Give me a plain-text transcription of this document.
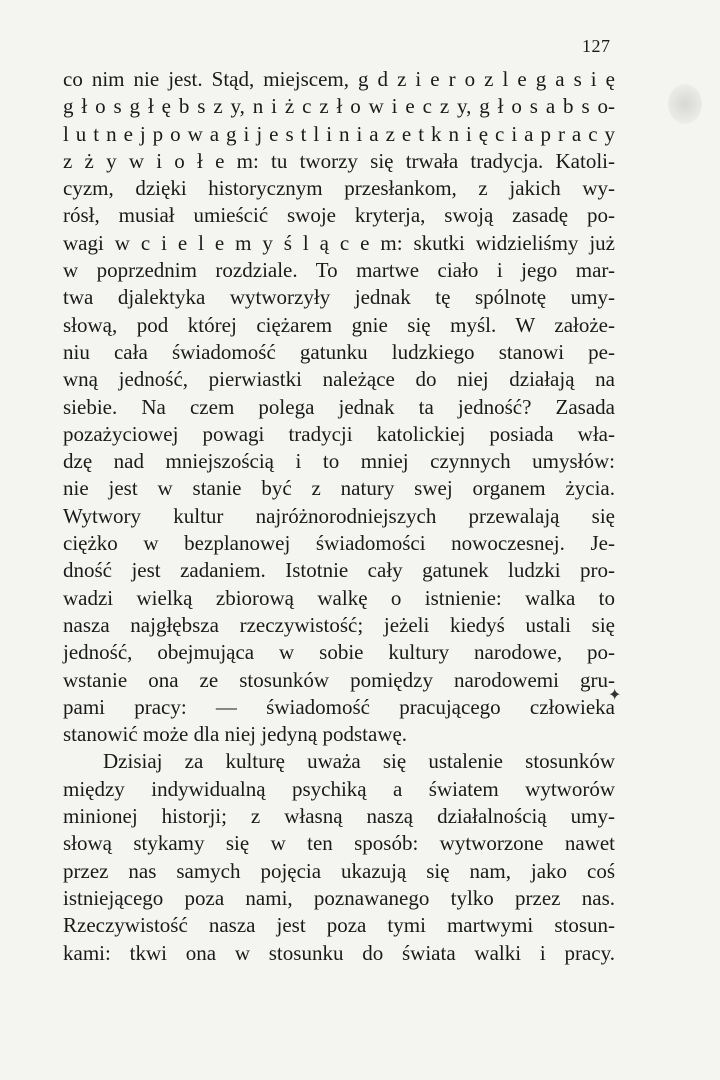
127
co nim nie jest. Stąd, miejscem, g d z i e r o z l e g a s i ę
g ł o s g ł ę b s z y, n i ż c z ł o w i e c z y, g ł o s a b s o-
l u t n e j p o w a g i j e s t l i n i a z e t k n i ę c i a p r a c y
z ż y w i o ł e m: tu tworzy się trwała tradycja. Katoli-
cyzm, dzięki historycznym przesłankom, z jakich wy-
rósł, musiał umieścić swoje kryterja, swoją zasadę po-
wagi w c i e l e m y ś l ą c e m: skutki widzieliśmy już
w poprzednim rozdziale. To martwe ciało i jego mar-
twa djalektyka wytworzyły jednak tę spólnotę umy-
słową, pod której ciężarem gnie się myśl. W założe-
niu cała świadomość gatunku ludzkiego stanowi pe-
wną jedność, pierwiastki należące do niej działają na
siebie. Na czem polega jednak ta jedność? Zasada
pozażyciowej powagi tradycji katolickiej posiada wła-
dzę nad mniejszością i to mniej czynnych umysłów:
nie jest w stanie być z natury swej organem życia.
Wytwory kultur najróżnorodniejszych przewalają się
ciężko w bezplanowej świadomości nowoczesnej. Je-
dność jest zadaniem. Istotnie cały gatunek ludzki pro-
wadzi wielką zbiorową walkę o istnienie: walka to
nasza najgłębsza rzeczywistość; jeżeli kiedyś ustali się
jedność, obejmująca w sobie kultury narodowe, po-
wstanie ona ze stosunków pomiędzy narodowemi gru-
pami pracy: — świadomość pracującego człowieka
stanowić może dla niej jedyną podstawę.
Dzisiaj za kulturę uważa się ustalenie stosunków
między indywidualną psychiką a światem wytworów
minionej historji; z własną naszą działalnością umy-
słową stykamy się w ten sposób: wytworzone nawet
przez nas samych pojęcia ukazują się nam, jako coś
istniejącego poza nami, poznawanego tylko przez nas.
Rzeczywistość nasza jest poza tymi martwymi stosun-
kami: tkwi ona w stosunku do świata walki i pracy.
✦
